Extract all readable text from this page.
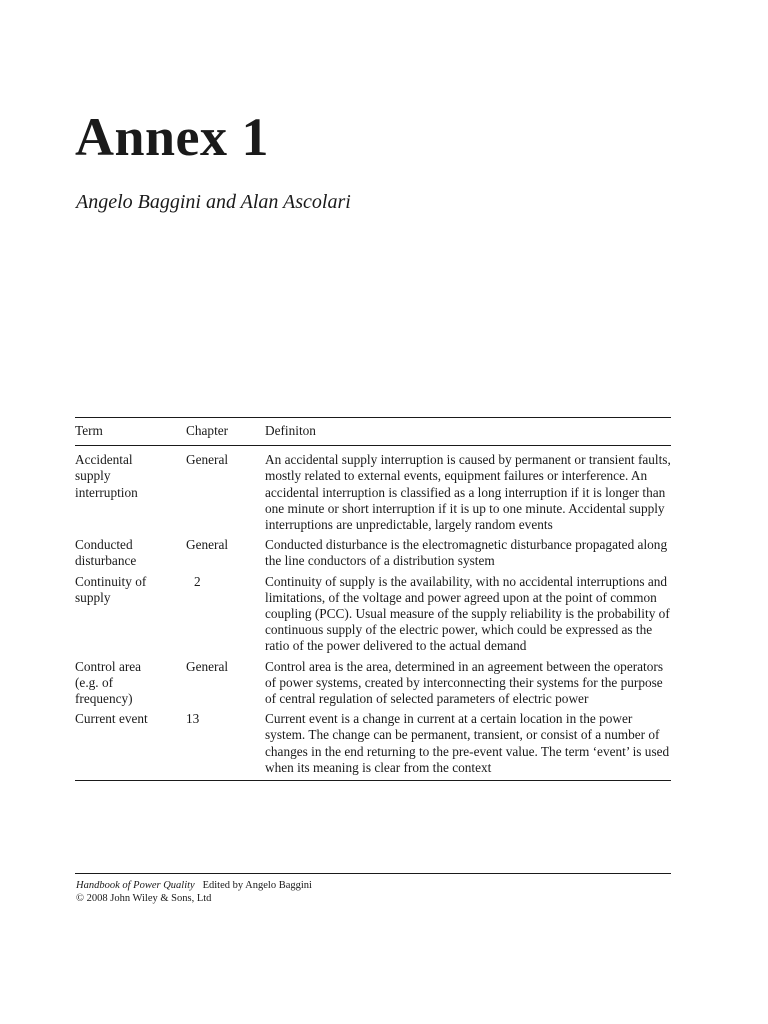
Annex 1

Angelo Baggini and Alan Ascolari

Term	Chapter	Definiton
Accidental supply interruption	General	An accidental supply interruption is caused by permanent or transient faults, mostly related to external events, equipment failures or interference. An accidental interruption is classified as a long interruption if it is longer than one minute or short interruption if it is up to one minute. Accidental supply interruptions are unpredictable, largely random events
Conducted disturbance	General	Conducted disturbance is the electromagnetic disturbance propagated along the line conductors of a distribution system
Continuity of supply	2	Continuity of supply is the availability, with no accidental interruptions and limitations, of the voltage and power agreed upon at the point of common coupling (PCC). Usual measure of the supply reliability is the probability of continuous supply of the electric power, which could be expressed as the ratio of the power delivered to the actual demand
Control area (e.g. of frequency)	General	Control area is the area, determined in an agreement between the operators of power systems, created by interconnecting their systems for the purpose of central regulation of selected parameters of electric power
Current event	13	Current event is a change in current at a certain location in the power system. The change can be permanent, transient, or consist of a number of changes in the end returning to the pre-event value. The term ‘event’ is used when its meaning is clear from the context
Handbook of Power Quality Edited by Angelo Baggini
© 2008 John Wiley & Sons, Ltd
